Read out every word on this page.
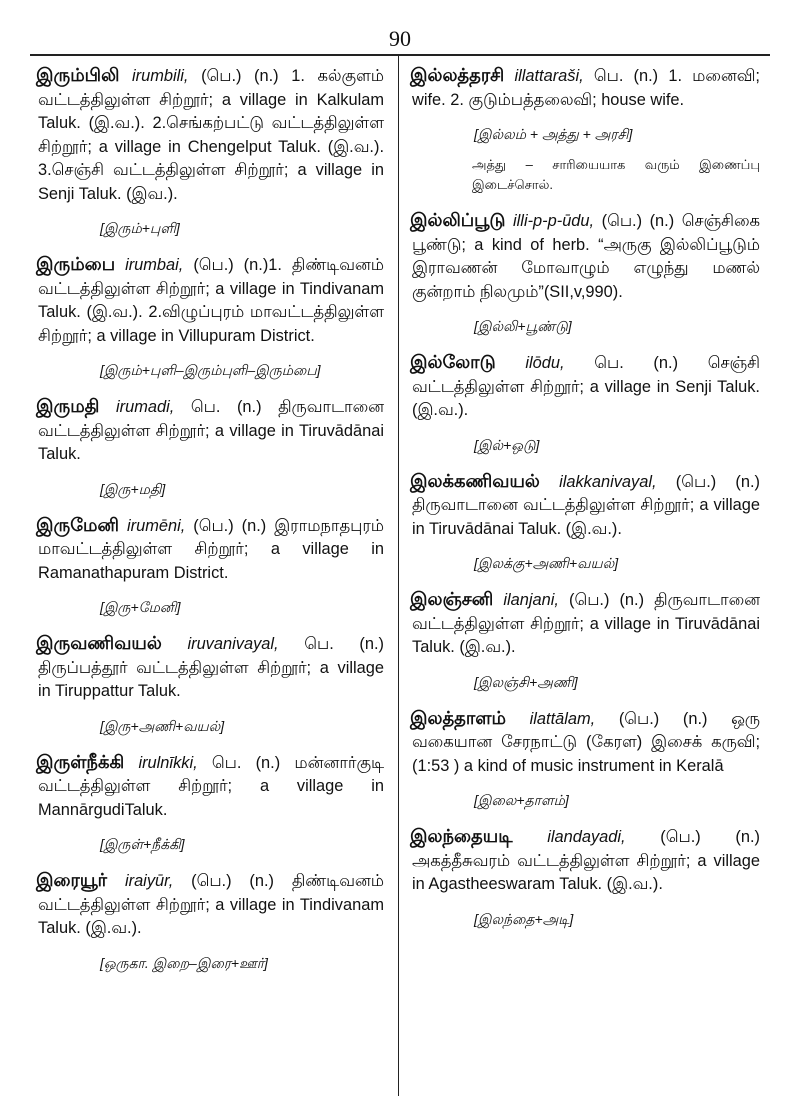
90
இரும்பிலி irumbili, (பெ.) (n.) 1. கல்குளம் வட்டத்திலுள்ள சிற்றூர்; a village in Kalkulam Taluk. (இ.வ.). 2.செங்கற்பட்டு வட்டத்திலுள்ள சிற்றூர்; a village in Chengelput Taluk. (இ.வ.). 3.செஞ்சி வட்டத்திலுள்ள சிற்றூர்; a village in Senji Taluk. (இவ.).
[இரும்+புளி]
இரும்பை irumbai, (பெ.) (n.)1. திண்டிவனம் வட்டத்திலுள்ள சிற்றூர்; a village in Tindivanam Taluk. (இ.வ.). 2.விழுப்புரம் மாவட்டத்திலுள்ள சிற்றூர்; a village in Villupuram District.
[இரும்+புளி–இரும்புளி–இரும்பை]
இருமதி irumadi, பெ. (n.) திருவாடானை வட்டத்திலுள்ள சிற்றூர்; a village in Tiruvādānai Taluk.
[இரு+மதி]
இருமேனி irumēni, (பெ.) (n.) இராமநாதபுரம் மாவட்டத்திலுள்ள சிற்றூர்; a village in Ramanathapuram District.
[இரு+மேனி]
இருவணிவயல் iruvanivayal, பெ. (n.) திருப்பத்தூர் வட்டத்திலுள்ள சிற்றூர்; a village in Tiruppattur Taluk.
[இரு+அணி+வயல்]
இருள்நீக்கி irulnīkki, பெ. (n.) மன்னார்குடி வட்டத்திலுள்ள சிற்றூர்; a village in MannārgudiTaluk.
[இருள்+நீக்கி]
இரையூர் iraiyūr, (பெ.) (n.) திண்டிவனம் வட்டத்திலுள்ள சிற்றூர்; a village in Tindivanam Taluk. (இ.வ.).
[ஒருகா. இறை–இரை+ஊர்]
இல்லத்தரசி illattaraši, பெ. (n.) 1. மனைவி; wife. 2. குடும்பத்தலைவி; house wife.
[இல்லம் + அத்து + அரசி]
அத்து – சாரியையாக வரும் இணைப்பு இடைச்சொல்.
இல்லிப்பூடு illi-p-p-ūdu, (பெ.) (n.) செஞ்சிகை பூண்டு; a kind of herb. “அருகு இல்லிப்பூடும் இராவணன் மோவாழும் எழுந்து மணல் குன்றாம் நிலமும்”(SII,v,990).
[இல்லி+பூண்டு]
இல்லோடு ilōdu, பெ. (n.) செஞ்சி வட்டத்திலுள்ள சிற்றூர்; a village in Senji Taluk. (இ.வ.).
[இல்+ஒடு]
இலக்கணிவயல் ilakkanivayal, (பெ.) (n.) திருவாடானை வட்டத்திலுள்ள சிற்றூர்; a village in Tiruvādānai Taluk. (இ.வ.).
[இலக்கு+அணி+வயல்]
இலஞ்சனி ilanjani, (பெ.) (n.) திருவாடானை வட்டத்திலுள்ள சிற்றூர்; a village in Tiruvādānai Taluk. (இ.வ.).
[இலஞ்சி+அணி]
இலத்தாளம் ilattālam, (பெ.) (n.) ஒரு வகையான சேரநாட்டு (கேரள) இசைக் கருவி; (1:53 ) a kind of music instrument in Keralā
[இலை+தாளம்]
இலந்தையடி ilandayadi, (பெ.) (n.) அகத்தீசுவரம் வட்டத்திலுள்ள சிற்றூர்; a village in Agastheeswaram Taluk. (இ.வ.).
[இலந்தை+அடி]
